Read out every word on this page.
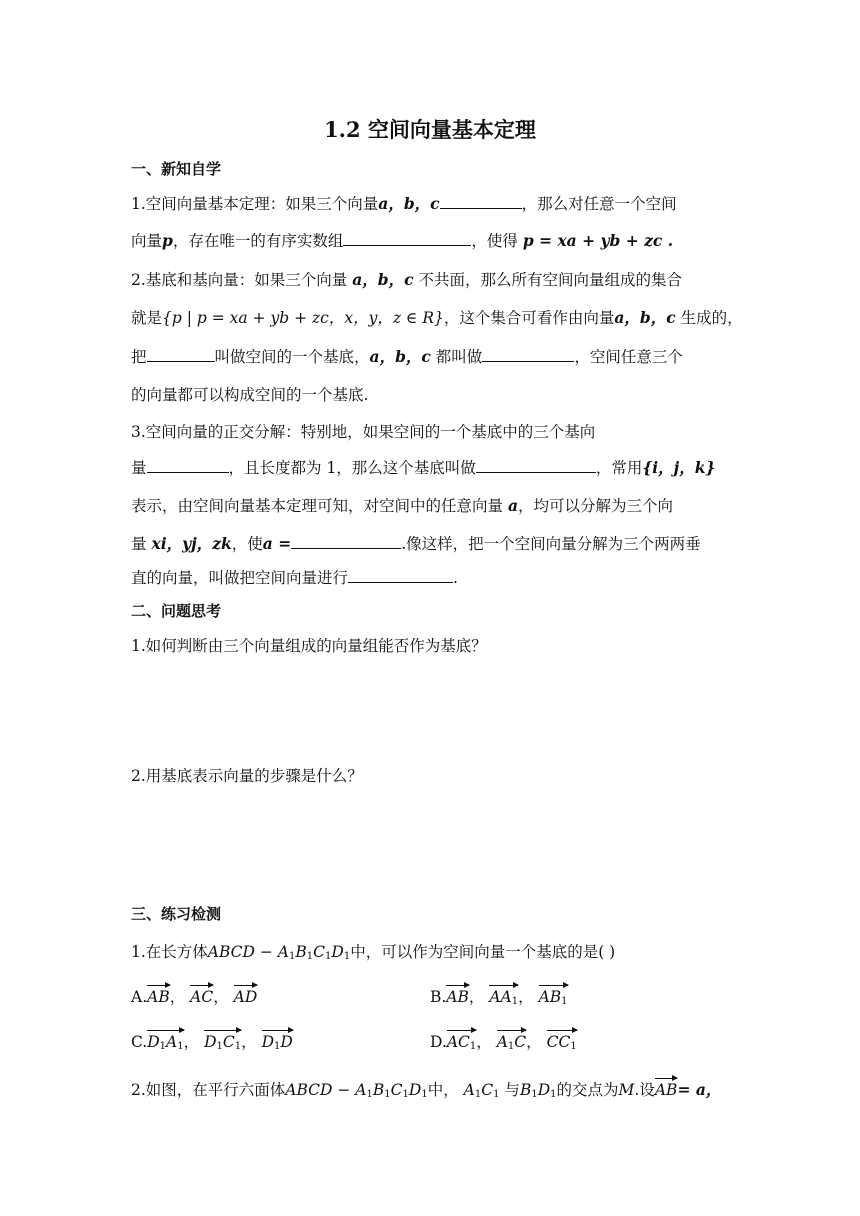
1.2 空间向量基本定理
一、新知自学
1.空间向量基本定理：如果三个向量a，b，c	，那么对任意一个空间
向量p，存在唯一的有序实数组	，使得 p = xa + yb + zc .
2.基底和基向量：如果三个向量 a，b，c 不共面，那么所有空间向量组成的集合
就是{p | p = xa + yb + zc，x，y，z ∈ R}，这个集合可看作由向量a，b，c 生成的，
把	叫做空间的一个基底，a，b，c 都叫做	，空间任意三个
的向量都可以构成空间的一个基底.
3.空间向量的正交分解：特别地，如果空间的一个基底中的三个基向
量	，且长度都为 1，那么这个基底叫做	，常用{i，j，k}
表示，由空间向量基本定理可知，对空间中的任意向量 a，均可以分解为三个向
量 xi，yj，zk，使a =	.像这样，把一个空间向量分解为三个两两垂
直的向量，叫做把空间向量进行	.
二、问题思考
1.如何判断由三个向量组成的向量组能否作为基底？
2.用基底表示向量的步骤是什么？
三、练习检测
1.在长方体ABCD − $A_1B_1C_1D_1$中，可以作为空间向量一个基底的是( )
A.AB， AC， AD	B.AB， $AA_1$， $AB_1$
$C.D_1A_1$， $D_1C_1$， $D_1D$	$D.AC_1$， $A_1C$， $CC_1$
2.如图，在平行六面体ABCD − $A_1B_1C_1D_1$中， $A_1C_1$ 与$B_1D_1$的交点为M.设AB= a，
